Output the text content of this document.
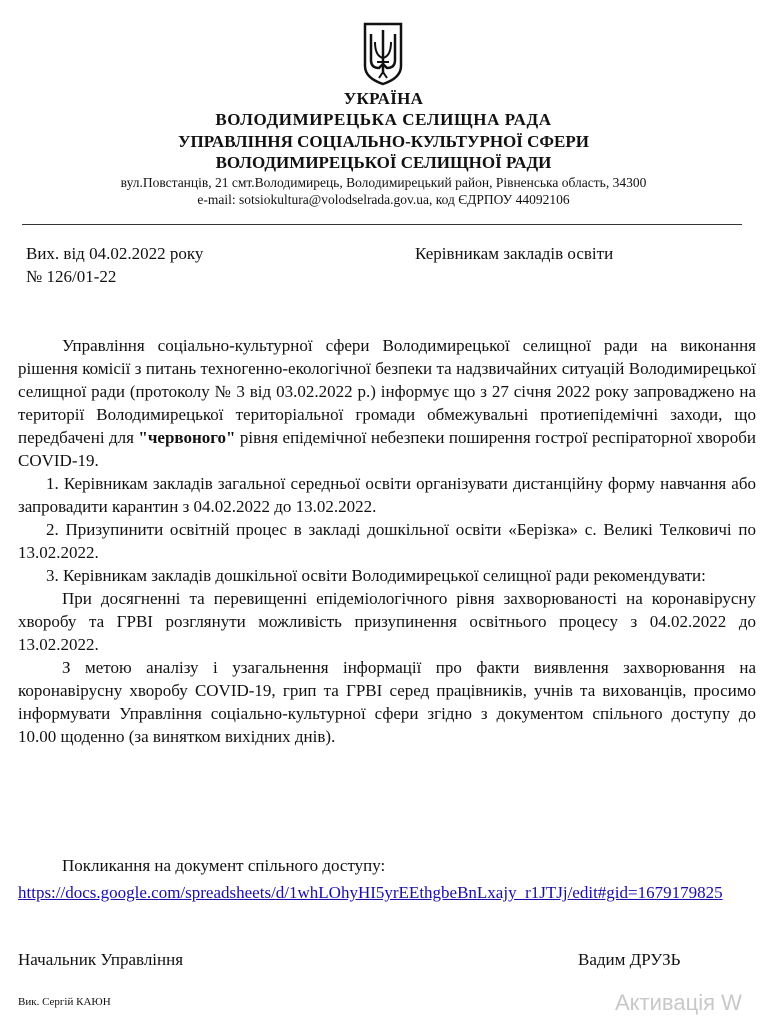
УКРАЇНА
ВОЛОДИМИРЕЦЬКА СЕЛИЩНА РАДА
УПРАВЛІННЯ СОЦІАЛЬНО-КУЛЬТУРНОЇ СФЕРИ
ВОЛОДИМИРЕЦЬКОЇ СЕЛИЩНОЇ РАДИ
вул.Повстанців, 21 смт.Володимирець, Володимирецький район, Рівненська область, 34300
e-mail: sotsiokultura@volodselrada.gov.ua, код ЄДРПОУ 44092106
Вих. від 04.02.2022 року
№ 126/01-22
Керівникам закладів освіти

Управління соціально-культурної сфери Володимирецької селищної ради на виконання рішення комісії з питань техногенно-екологічної безпеки та надзвичайних ситуацій Володимирецької селищної ради (протоколу № 3 від 03.02.2022 р.) інформує що з 27 січня 2022 року запроваджено на території Володимирецької територіальної громади обмежувальні протиепідемічні заходи, що передбачені для "червоного" рівня епідемічної небезпеки поширення гострої респіраторної хвороби COVID-19.

1. Керівникам закладів загальної середньої освіти організувати дистанційну форму навчання або запровадити карантин з 04.02.2022 до 13.02.2022.

2. Призупинити освітній процес в закладі дошкільної освіти «Берізка» с. Великі Телковичі по 13.02.2022.

3. Керівникам закладів дошкільної освіти Володимирецької селищної ради рекомендувати:

При досягненні та перевищенні епідеміологічного рівня захворюваності на коронавірусну хворобу та ГРВІ розглянути можливість призупинення освітнього процесу з 04.02.2022 до 13.02.2022.

З метою аналізу і узагальнення інформації про факти виявлення захворювання на коронавірусну хворобу COVID-19, грип та ГРВІ серед працівників, учнів та вихованців, просимо інформувати Управління соціально-культурної сфери згідно з документом спільного доступу до 10.00 щоденно (за винятком вихідних днів).

Покликання на документ спільного доступу:
https://docs.google.com/spreadsheets/d/1whLOhyHI5yrEEthgbeBnLxajy_r1JTJj/edit#gid=1679179825
Начальник Управління	Вадим ДРУЗЬ
Вик. Сергій КАЮН	Активація W
